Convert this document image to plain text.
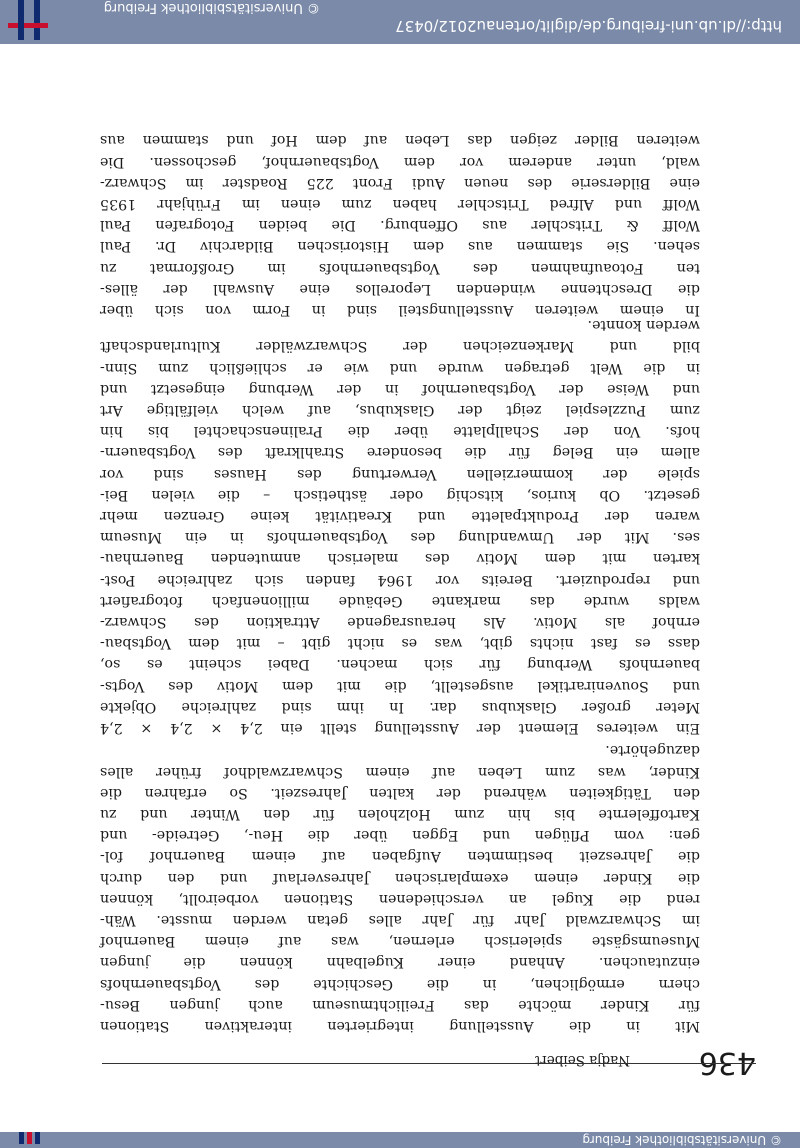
© Universitätsbibliothek Freiburg
436
Nadja Seibert
Mit in die Ausstellung integrierten interaktiven Stationen
für Kinder möchte das Freilichtmuseum auch jungen Besu-
chern ermöglichen, in die Geschichte des Vogtsbauernhofs
einzutauchen. Anhand einer Kugelbahn können die jungen
Museumsgäste spielerisch erlernen, was auf einem Bauernhof
im Schwarzwald Jahr für Jahr alles getan werden musste. Wäh-
rend die Kugel an verschiedenen Stationen vorbeirollt, können
die Kinder einem exemplarischen Jahresverlauf und den durch
die Jahreszeit bestimmten Aufgaben auf einem Bauernhof fol-
gen: vom Pflügen und Eggen über die Heu-, Getreide- und
Kartoffelernte bis hin zum Holzholen für den Winter und zu
den Tätigkeiten während der kalten Jahreszeit. So erfahren die
Kinder, was zum Leben auf einem Schwarzwaldhof früher alles
dazugehörte.
Ein weiteres Element der Ausstellung stellt ein 2,4 × 2,4 × 2,4
Meter großer Glaskubus dar. In ihm sind zahlreiche Objekte
und Souvenirartikel ausgestellt, die mit dem Motiv des Vogts-
bauernhofs Werbung für sich machen. Dabei scheint es so,
dass es fast nichts gibt, was es nicht gibt – mit dem Vogtsbau-
ernhof als Motiv. Als herausragende Attraktion des Schwarz-
walds wurde das markante Gebäude millionenfach fotografiert
und reproduziert. Bereits vor 1964 fanden sich zahlreiche Post-
karten mit dem Motiv des malerisch anmutenden Bauernhau-
ses. Mit der Umwandlung des Vogtsbauernhofs in ein Museum
waren der Produktpalette und Kreativität keine Grenzen mehr
gesetzt. Ob kurios, kitschig oder ästhetisch – die vielen Bei-
spiele der kommerziellen Verwertung des Hauses sind vor
allem ein Beleg für die besondere Strahlkraft des Vogtsbauern-
hofs. Von der Schallplatte über die Pralinenschachtel bis hin
zum Puzzlespiel zeigt der Glaskubus, auf welch vielfältige Art
und Weise der Vogtsbauernhof in der Werbung eingesetzt und
in die Welt getragen wurde und wie er schließlich zum Sinn-
bild und Markenzeichen der Schwarzwälder Kulturlandschaft
werden konnte.
In einem weiteren Ausstellungsteil sind in Form von sich über
die Dreschtenne windenden Leporellos eine Auswahl der älles-
ten Fotoaufnahmen des Vogtsbauernhofs im Großformat zu
sehen. Sie stammen aus dem Historischen Bildarchiv Dr. Paul
Wolff & Tritschler aus Offenburg. Die beiden Fotografen Paul
Wolff und Alfred Tritschler haben zum einen im Frühjahr 1935
eine Bilderserie des neuen Audi Front 225 Roadster im Schwarz-
wald, unter anderem vor dem Vogtsbauernhof, geschossen. Die
weiteren Bilder zeigen das Leben auf dem Hof und stammen aus
http://dl.ub.uni-freiburg.de/diglit/ortenau2012/0437
© Universitätsbibliothek Freiburg
